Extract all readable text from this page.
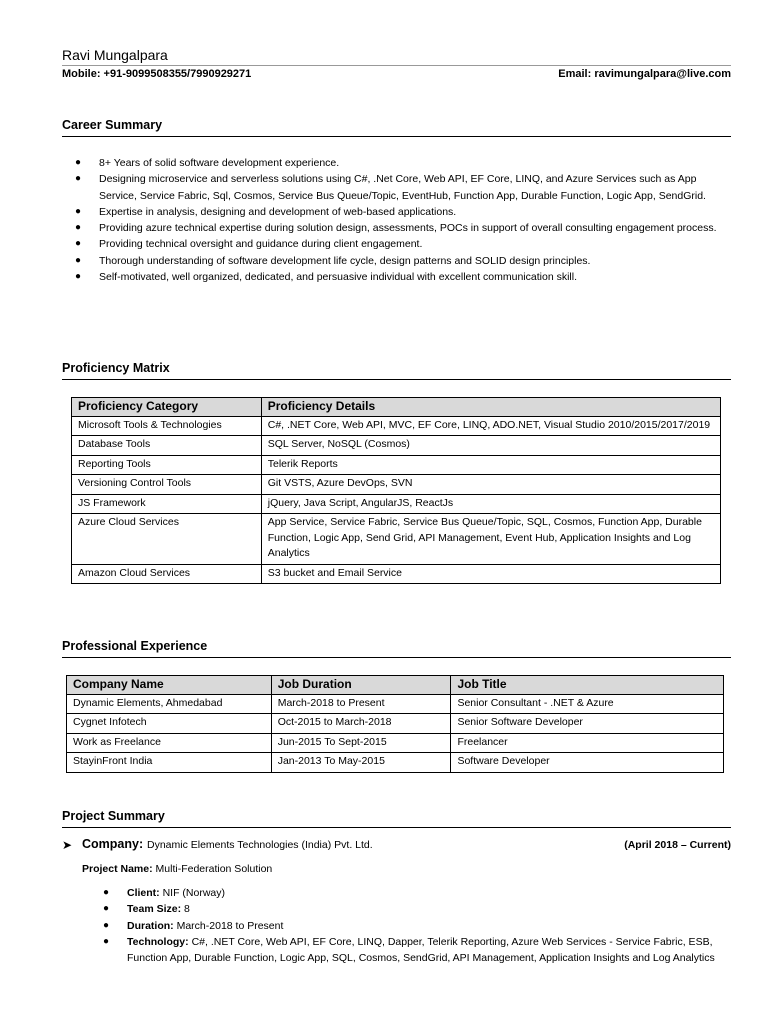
Ravi Mungalpara
Mobile: +91-9099508355/7990929271	Email: ravimungalpara@live.com
Career Summary
●	8+ Years of solid software development experience.
●	Designing microservice and serverless solutions using C#, .Net Core, Web API, EF Core, LINQ, and Azure Services such as App Service, Service Fabric, Sql, Cosmos, Service Bus Queue/Topic, EventHub, Function App, Durable Function, Logic App, SendGrid.
●	Expertise in analysis, designing and development of web-based applications.
●	Providing azure technical expertise during solution design, assessments, POCs in support of overall consulting engagement process.
●	Providing technical oversight and guidance during client engagement.
●	Thorough understanding of software development life cycle, design patterns and SOLID design principles.
●	Self-motivated, well organized, dedicated, and persuasive individual with excellent communication skill.
Proficiency Matrix
Proficiency Category	Proficiency Details
Microsoft Tools & Technologies	C#, .NET Core, Web API, MVC, EF Core, LINQ, ADO.NET, Visual Studio 2010/2015/2017/2019
Database Tools	SQL Server, NoSQL (Cosmos)
Reporting Tools	Telerik Reports
Versioning Control Tools	Git VSTS, Azure DevOps, SVN
JS Framework	jQuery, Java Script, AngularJS, ReactJs
Azure Cloud Services	App Service, Service Fabric, Service Bus Queue/Topic, SQL, Cosmos, Function App, Durable Function, Logic App, Send Grid, API Management, Event Hub, Application Insights and Log Analytics
Amazon Cloud Services	S3 bucket and Email Service
Professional Experience
Company Name	Job Duration	Job Title
Dynamic Elements, Ahmedabad	March-2018 to Present	Senior Consultant - .NET & Azure
Cygnet Infotech	Oct-2015 to March-2018	Senior Software Developer
Work as Freelance	Jun-2015 To Sept-2015	Freelancer
StayinFront India	Jan-2013 To May-2015	Software Developer
Project Summary
➤ Company: Dynamic Elements Technologies (India) Pvt. Ltd.	(April 2018 – Current)
Project Name: Multi-Federation Solution
●	Client: NIF (Norway)
●	Team Size: 8
●	Duration: March-2018 to Present
●	Technology: C#, .NET Core, Web API, EF Core, LINQ, Dapper, Telerik Reporting, Azure Web Services - Service Fabric, ESB, Function App, Durable Function, Logic App, SQL, Cosmos, SendGrid, API Management, Application Insights and Log Analytics
